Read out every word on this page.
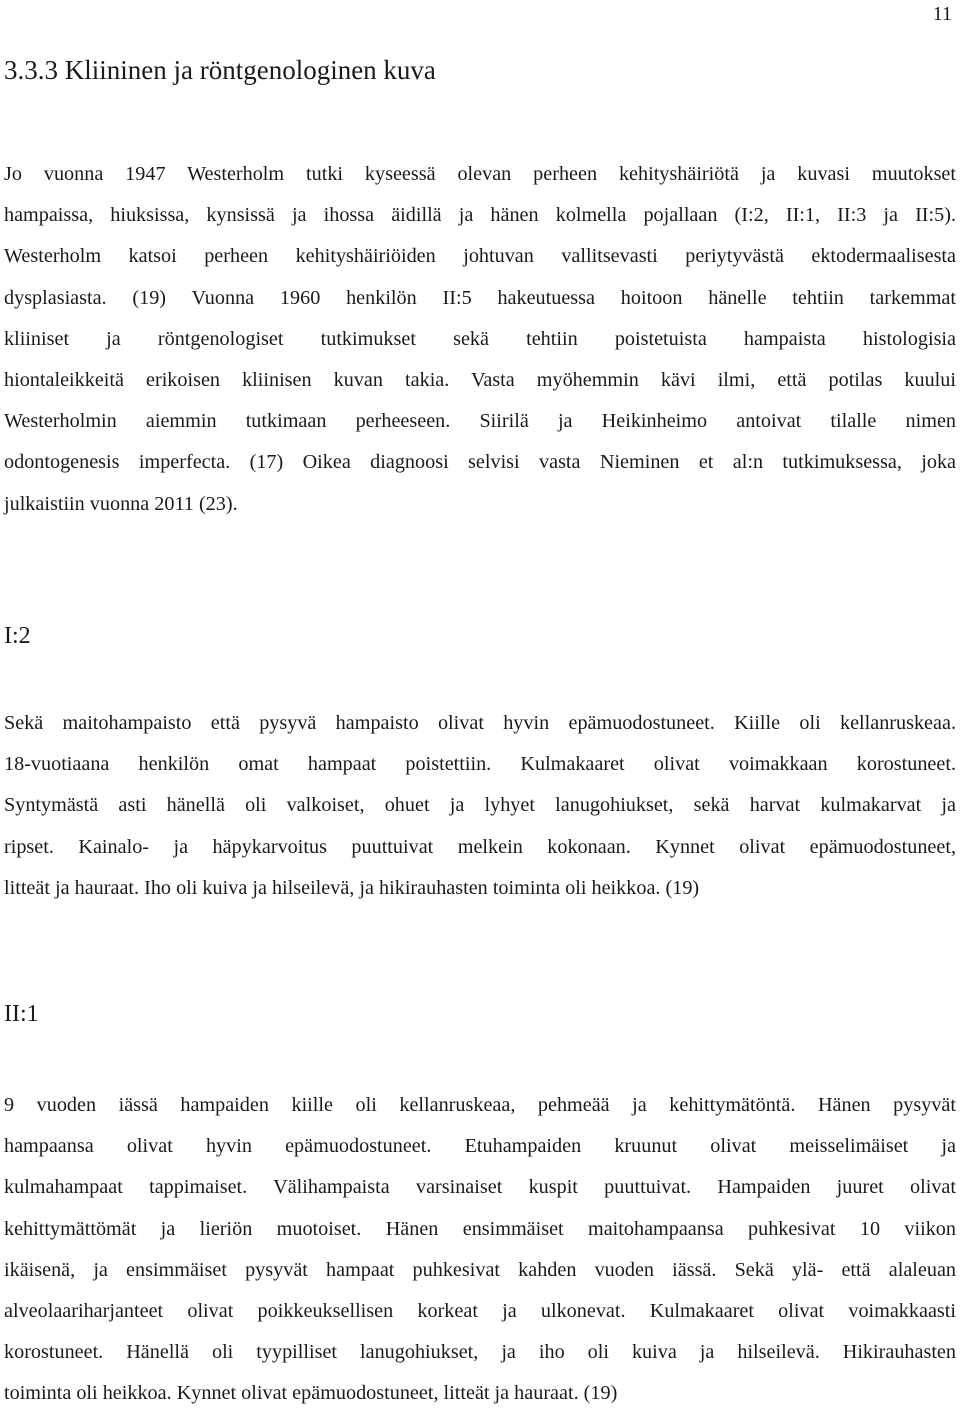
11
3.3.3 Kliininen ja röntgenologinen kuva
Jo vuonna 1947 Westerholm tutki kyseessä olevan perheen kehityshäiriötä ja kuvasi muutokset
hampaissa, hiuksissa, kynsissä ja ihossa äidillä ja hänen kolmella pojallaan (I:2, II:1, II:3 ja II:5).
Westerholm katsoi perheen kehityshäiriöiden johtuvan vallitsevasti periytyvästä ektodermaalisesta
dysplasiasta. (19) Vuonna 1960 henkilön II:5 hakeutuessa hoitoon hänelle tehtiin tarkemmat
kliiniset ja röntgenologiset tutkimukset sekä tehtiin poistetuista hampaista histologisia
hiontaleikkeitä erikoisen kliinisen kuvan takia. Vasta myöhemmin kävi ilmi, että potilas kuului
Westerholmin aiemmin tutkimaan perheeseen. Siirilä ja Heikinheimo antoivat tilalle nimen
odontogenesis imperfecta. (17) Oikea diagnoosi selvisi vasta Nieminen et al:n tutkimuksessa, joka
julkaistiin vuonna 2011 (23).
I:2
Sekä maitohampaisto että pysyvä hampaisto olivat hyvin epämuodostuneet. Kiille oli kellanruskeaa.
18-vuotiaana henkilön omat hampaat poistettiin. Kulmakaaret olivat voimakkaan korostuneet.
Syntymästä asti hänellä oli valkoiset, ohuet ja lyhyet lanugohiukset, sekä harvat kulmakarvat ja
ripset. Kainalo- ja häpykarvoitus puuttuivat melkein kokonaan. Kynnet olivat epämuodostuneet,
litteät ja hauraat. Iho oli kuiva ja hilseilevä, ja hikirauhasten toiminta oli heikkoa. (19)
II:1
9 vuoden iässä hampaiden kiille oli kellanruskeaa, pehmeää ja kehittymätöntä. Hänen pysyvät
hampaansa olivat hyvin epämuodostuneet. Etuhampaiden kruunut olivat meisselimäiset ja
kulmahampaat tappimaiset. Välihampaista varsinaiset kuspit puuttuivat. Hampaiden juuret olivat
kehittymättömät ja lieriön muotoiset. Hänen ensimmäiset maitohampaansa puhkesivat 10 viikon
ikäisenä, ja ensimmäiset pysyvät hampaat puhkesivat kahden vuoden iässä. Sekä ylä- että alaleuan
alveolaariharjanteet olivat poikkeuksellisen korkeat ja ulkonevat. Kulmakaaret olivat voimakkaasti
korostuneet. Hänellä oli tyypilliset lanugohiukset, ja iho oli kuiva ja hilseilevä. Hikirauhasten
toiminta oli heikkoa. Kynnet olivat epämuodostuneet, litteät ja hauraat. (19)
